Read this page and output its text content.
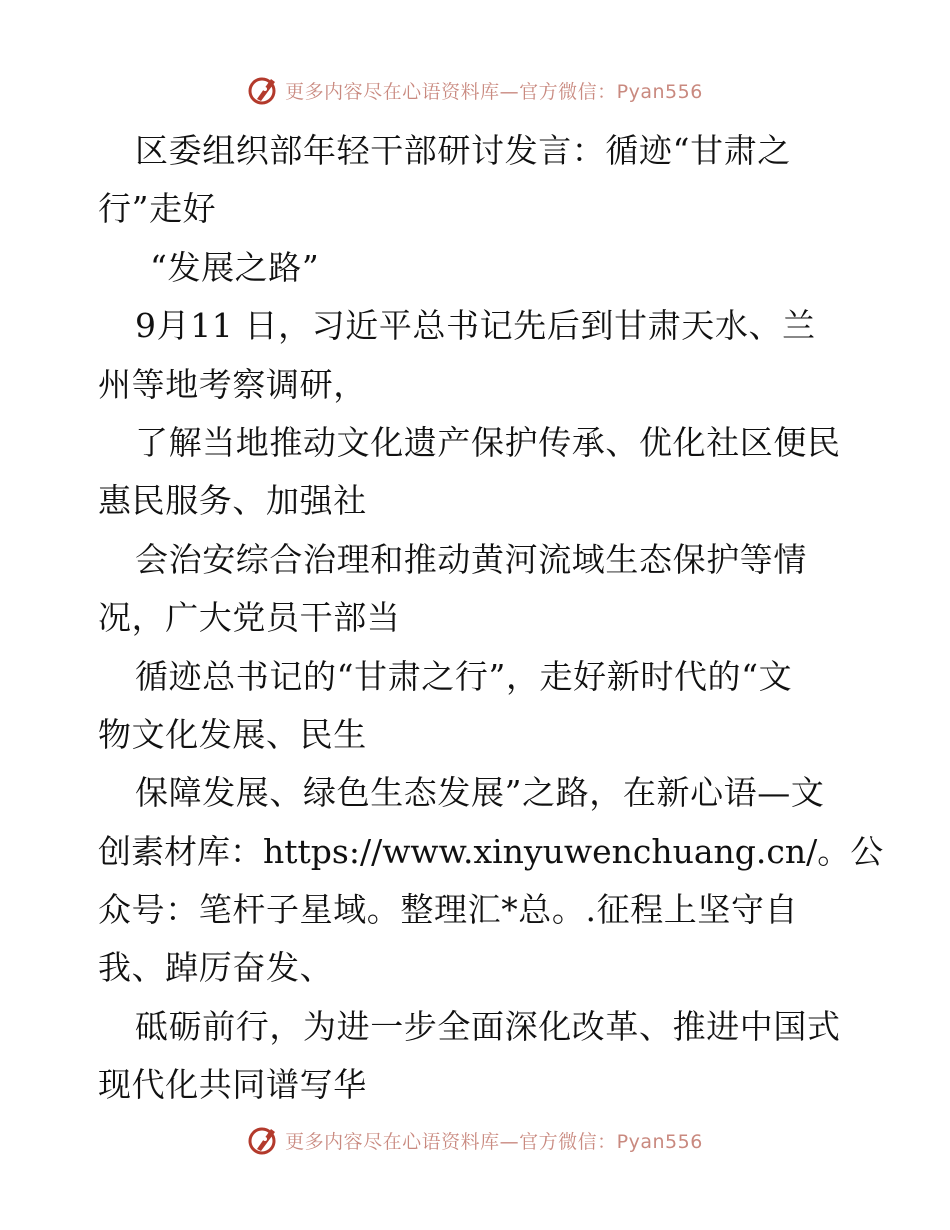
更多内容尽在心语资料库—官方微信：Pyan556
区委组织部年轻干部研讨发言：循迹“甘肃之
行”走好
“发展之路”
9月11 日，习近平总书记先后到甘肃天水、兰
州等地考察调研，
了解当地推动文化遗产保护传承、优化社区便民
惠民服务、加强社
会治安综合治理和推动黄河流域生态保护等情
况，广大党员干部当
循迹总书记的“甘肃之行”，走好新时代的“文
物文化发展、民生
保障发展、绿色生态发展”之路，在新心语—文
创素材库：https://www.xinyuwenchuang.cn/。公
众号：笔杆子星域。整理汇*总。.征程上坚守自
我、踔厉奋发、
砥砺前行，为进一步全面深化改革、推进中国式
现代化共同谱写华
更多内容尽在心语资料库—官方微信：Pyan556
